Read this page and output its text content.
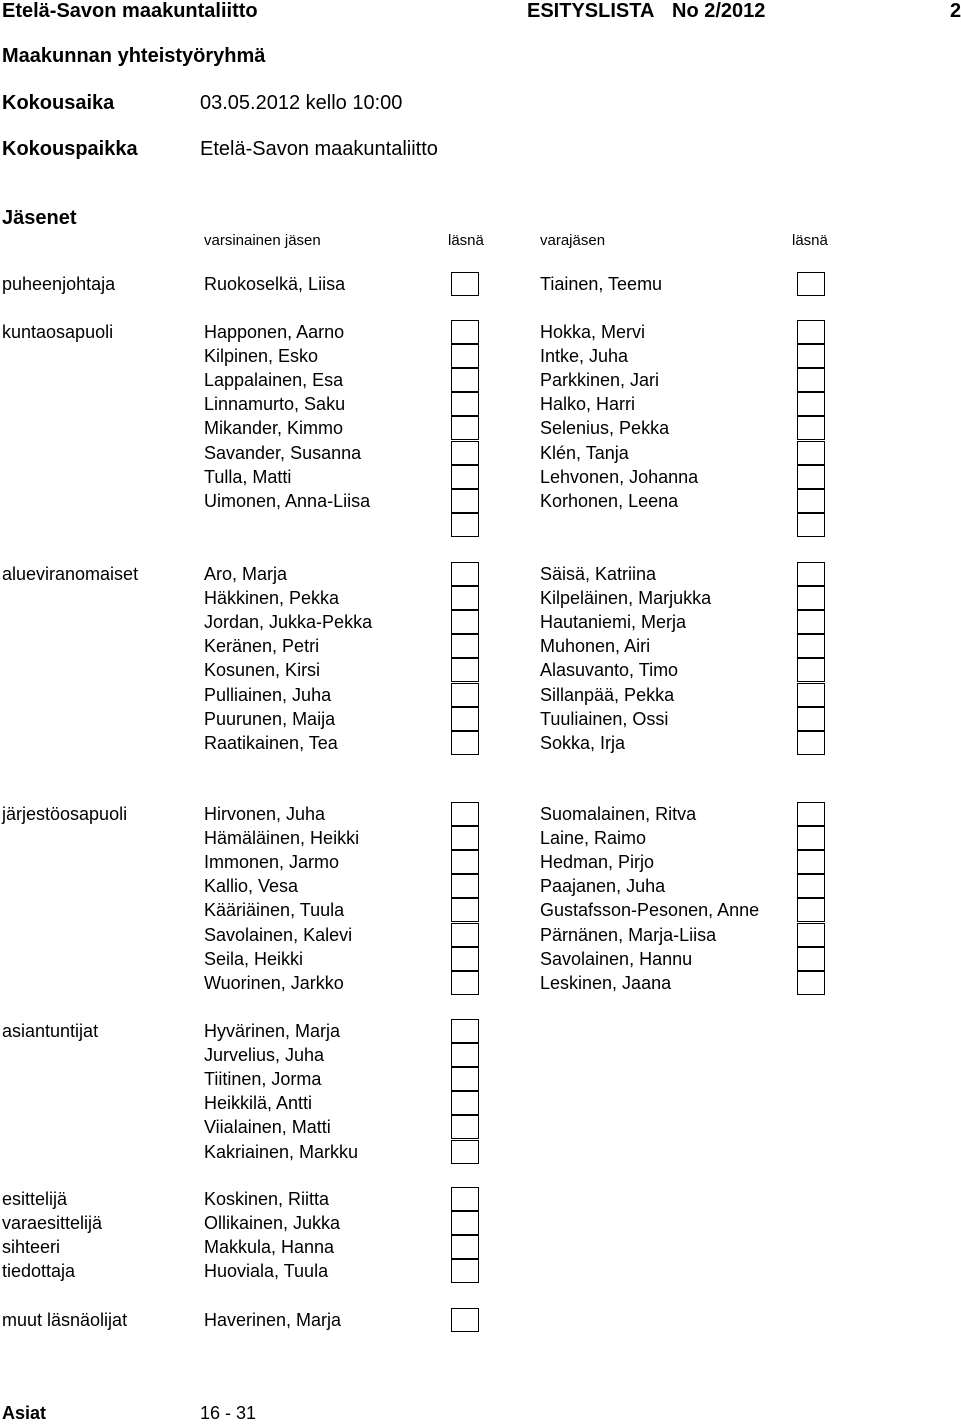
Etelä-Savon maakuntaliitto	ESITYSLISTA No 2/2012	2
Maakunnan yhteistyöryhmä
Kokousaika	03.05.2012 kello 10:00
Kokouspaikka	Etelä-Savon maakuntaliitto
Jäsenet
varsinainen jäsen	läsnä	varajäsen	läsnä
puheenjohtaja	Ruokoselkä, Liisa	Tiainen, Teemu
kuntaosapuoli	Happonen, Aarno	Hokka, Mervi
Kilpinen, Esko	Intke, Juha
Lappalainen, Esa	Parkkinen, Jari
Linnamurto, Saku	Halko, Harri
Mikander, Kimmo	Selenius, Pekka
Savander, Susanna	Klén, Tanja
Tulla, Matti	Lehvonen, Johanna
Uimonen, Anna-Liisa	Korhonen, Leena
alueviranomaiset	Aro, Marja	Säisä, Katriina
Häkkinen, Pekka	Kilpeläinen, Marjukka
Jordan, Jukka-Pekka	Hautaniemi, Merja
Keränen, Petri	Muhonen, Airi
Kosunen, Kirsi	Alasuvanto, Timo
Pulliainen, Juha	Sillanpää, Pekka
Puurunen, Maija	Tuuliainen, Ossi
Raatikainen, Tea	Sokka, Irja
järjestöosapuoli	Hirvonen, Juha	Suomalainen, Ritva
Hämäläinen, Heikki	Laine, Raimo
Immonen, Jarmo	Hedman, Pirjo
Kallio, Vesa	Paajanen, Juha
Kääriäinen, Tuula	Gustafsson-Pesonen, Anne
Savolainen, Kalevi	Pärnänen, Marja-Liisa
Seila, Heikki	Savolainen, Hannu
Wuorinen, Jarkko	Leskinen, Jaana
asiantuntijat	Hyvärinen, Marja
Jurvelius, Juha
Tiitinen, Jorma
Heikkilä, Antti
Viialainen, Matti
Kakriainen, Markku
esittelijä	Koskinen, Riitta
varaesittelijä	Ollikainen, Jukka
sihteeri	Makkula, Hanna
tiedottaja	Huoviala, Tuula
muut läsnäolijat	Haverinen, Marja
Asiat	16 - 31
